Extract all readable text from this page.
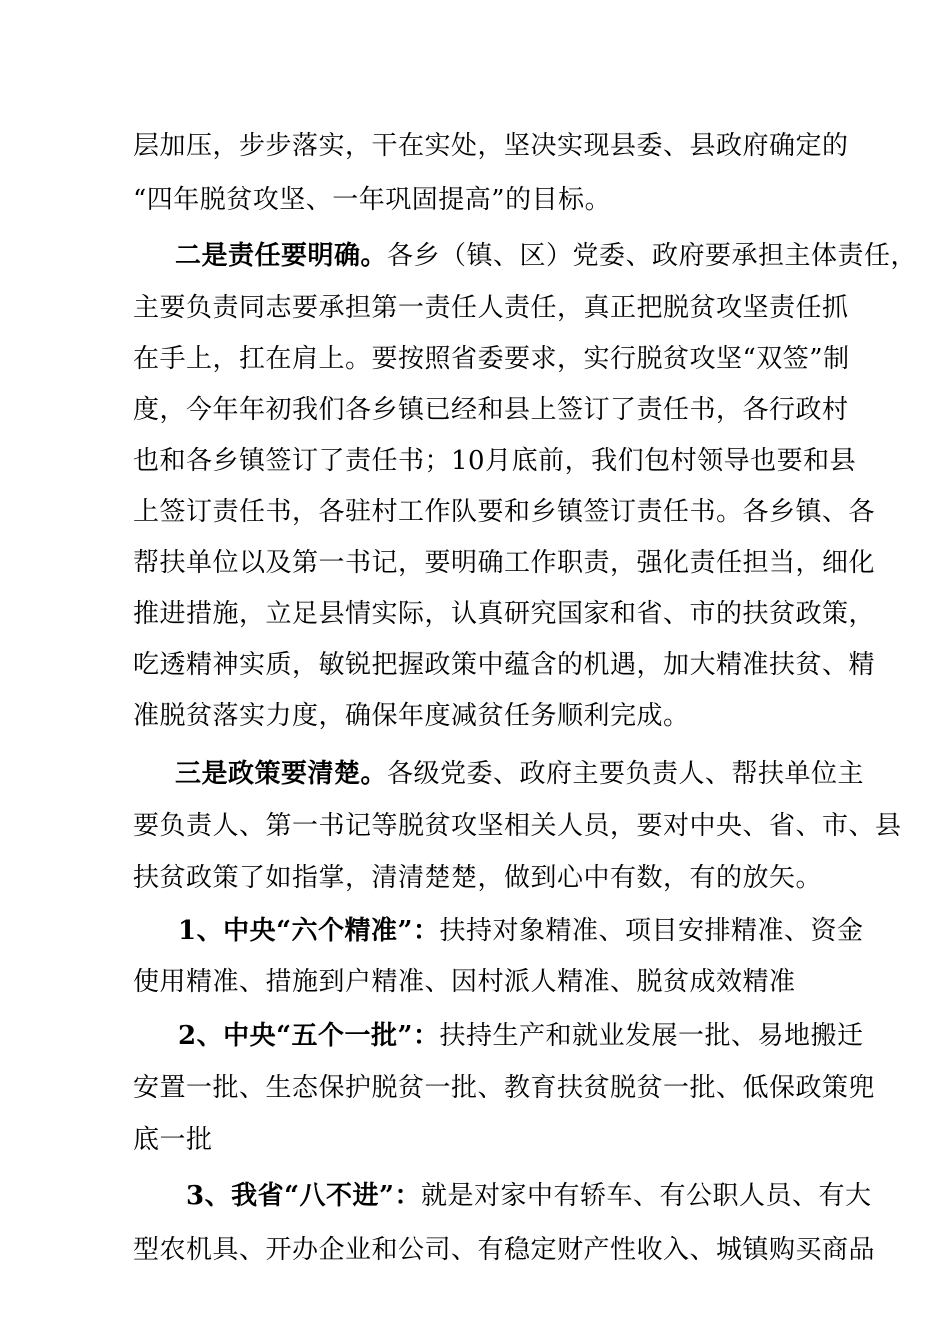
层加压，步步落实，干在实处，坚决实现县委、县政府确定的
“四年脱贫攻坚、一年巩固提高”的目标。
二是责任要明确。各乡（镇、区）党委、政府要承担主体责任，
主要负责同志要承担第一责任人责任，真正把脱贫攻坚责任抓
在手上，扛在肩上。要按照省委要求，实行脱贫攻坚“双签”制
度，今年年初我们各乡镇已经和县上签订了责任书，各行政村
也和各乡镇签订了责任书；10月底前，我们包村领导也要和县
上签订责任书，各驻村工作队要和乡镇签订责任书。各乡镇、各
帮扶单位以及第一书记，要明确工作职责，强化责任担当，细化
推进措施，立足县情实际，认真研究国家和省、市的扶贫政策，
吃透精神实质，敏锐把握政策中蕴含的机遇，加大精准扶贫、精
准脱贫落实力度，确保年度减贫任务顺利完成。
三是政策要清楚。各级党委、政府主要负责人、帮扶单位主
要负责人、第一书记等脱贫攻坚相关人员，要对中央、省、市、县
扶贫政策了如指掌，清清楚楚，做到心中有数，有的放矢。
1、中央“六个精准”：扶持对象精准、项目安排精准、资金
使用精准、措施到户精准、因村派人精准、脱贫成效精准
2、中央“五个一批”：扶持生产和就业发展一批、易地搬迁
安置一批、生态保护脱贫一批、教育扶贫脱贫一批、低保政策兜
底一批
3、我省“八不进”：就是对家中有轿车、有公职人员、有大
型农机具、开办企业和公司、有稳定财产性收入、城镇购买商品
